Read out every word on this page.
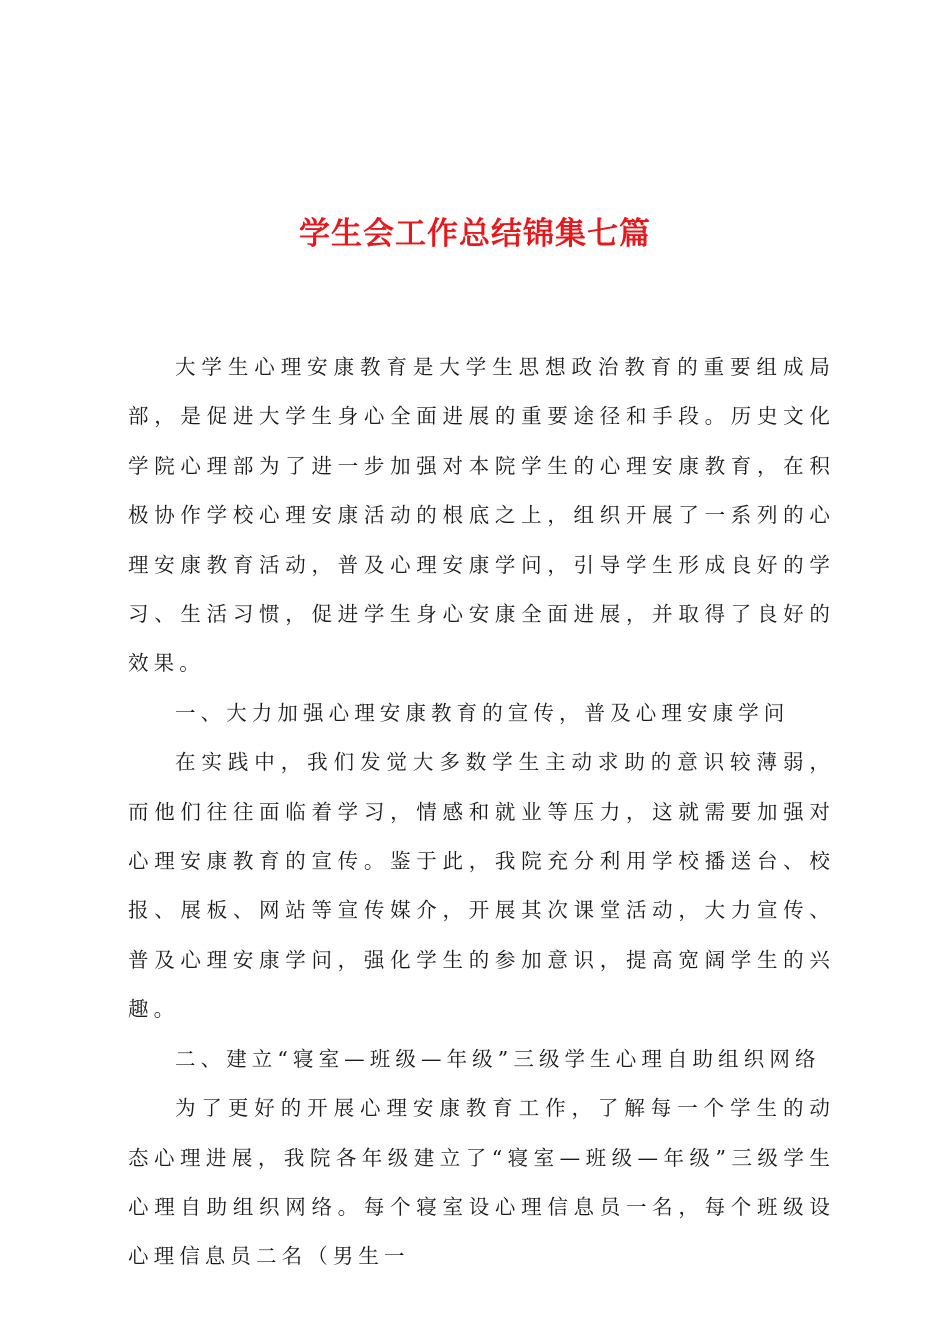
学生会工作总结锦集七篇

大学生心理安康教育是大学生思想政治教育的重要组成局部，是促进大学生身心全面进展的重要途径和手段。历史文化学院心理部为了进一步加强对本院学生的心理安康教育，在积极协作学校心理安康活动的根底之上，组织开展了一系列的心理安康教育活动，普及心理安康学问，引导学生形成良好的学习、生活习惯，促进学生身心安康全面进展，并取得了良好的效果。

一、大力加强心理安康教育的宣传，普及心理安康学问

在实践中，我们发觉大多数学生主动求助的意识较薄弱，而他们往往面临着学习，情感和就业等压力，这就需要加强对心理安康教育的宣传。鉴于此，我院充分利用学校播送台、校报、展板、网站等宣传媒介，开展其次课堂活动，大力宣传、普及心理安康学问，强化学生的参加意识，提高宽阔学生的兴趣。

二、建立“寝室—班级—年级”三级学生心理自助组织网络

为了更好的开展心理安康教育工作，了解每一个学生的动态心理进展，我院各年级建立了“寝室—班级—年级”三级学生心理自助组织网络。每个寝室设心理信息员一名，每个班级设心理信息员二名（男生一
